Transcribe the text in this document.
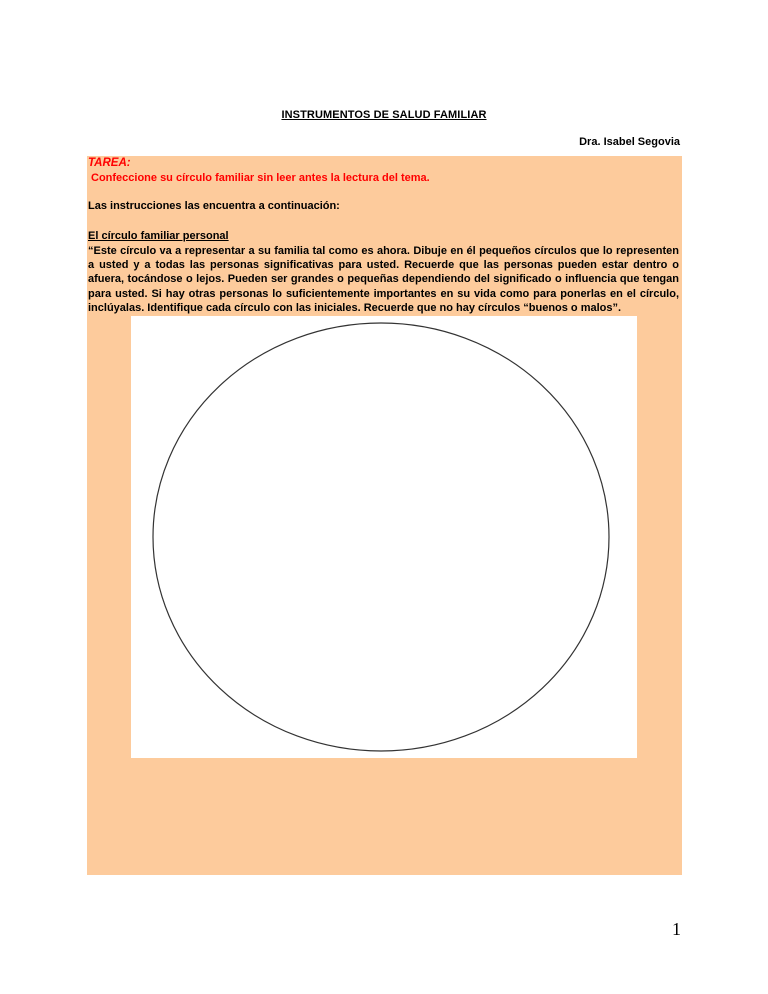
INSTRUMENTOS DE SALUD FAMILIAR
Dra. Isabel Segovia
TAREA:
Confeccione su círculo familiar sin leer antes la lectura del tema.
Las instrucciones las encuentra a continuación:
El círculo familiar personal

“Este círculo va a representar a su familia tal como es ahora. Dibuje en él pequeños círculos que lo representen a usted y a todas las personas significativas para usted. Recuerde que las personas pueden estar dentro o afuera, tocándose o lejos. Pueden ser grandes o pequeñas dependiendo del significado o influencia que tengan para usted. Si hay otras personas lo suficientemente importantes en su vida como para ponerlas en el círculo, inclúyalas. Identifique cada círculo con las iniciales. Recuerde que no hay círculos “buenos o malos”.

1
